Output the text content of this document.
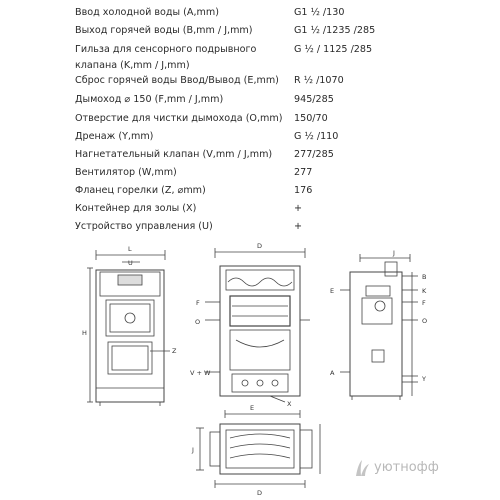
Ввод холодной воды (A,mm)	G1 ½ /130
Выход горячей воды (B,mm / J,mm)	G1 ½ /1235 /285
Гильза для сенсорного подрывного клапана (K,mm / J,mm)
G ½ / 1125 /285
Сброс горячей воды Ввод/Вывод (E,mm)	R ½ /1070
Дымоход ⌀ 150 (F,mm / J,mm)	945/285
Отверстие для чистки дымохода (O,mm) 150/70
Дренаж (Y,mm)	G ½ /110
Нагнетательный клапан (V,mm / J,mm)	277/285
Вентилятор (W,mm)	277
Фланец горелки (Z, ⌀mm)	176
Контейнер для золы (X)	+
Устройство управления (U)	+
L
U
H
Z
D
F
O
V + W
X
J
B
K
E
F
O
A
Y
E
D
J
уютнофф
